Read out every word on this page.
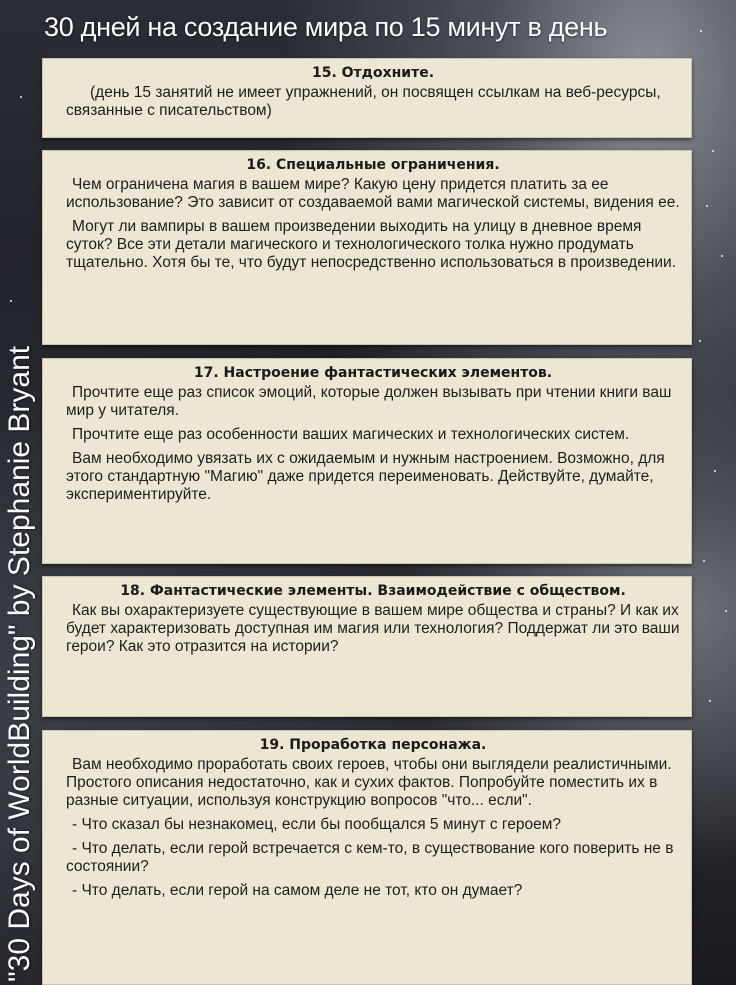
30 дней на создание мира по 15 минут в день
"30 Days of WorldBuilding" by Stephanie Bryant
15. Отдохните.

(день 15 занятий не имеет упражнений, он посвящен ссылкам на веб-ресурсы, связанные с писательством)

16. Специальные ограничения.

Чем ограничена магия в вашем мире? Какую цену придется платить за ее использование? Это зависит от создаваемой вами магической системы, видения ее.

Могут ли вампиры в вашем произведении выходить на улицу в дневное время суток? Все эти детали магического и технологического толка нужно продумать тщательно. Хотя бы те, что будут непосредственно использоваться в произведении.

17. Настроение фантастических элементов.

Прочтите еще раз список эмоций, которые должен вызывать при чтении книги ваш мир у читателя.

Прочтите еще раз особенности ваших магических и технологических систем.

Вам необходимо увязать их с ожидаемым и нужным настроением. Возможно, для этого стандартную "Магию" даже придется переименовать. Действуйте, думайте, экспериментируйте.

18. Фантастические элементы. Взаимодействие с обществом.

Как вы охарактеризуете существующие в вашем мире общества и страны? И как их будет характеризовать доступная им магия или технология? Поддержат ли это ваши герои? Как это отразится на истории?

19. Проработка персонажа.

Вам необходимо проработать своих героев, чтобы они выглядели реалистичными. Простого описания недостаточно, как и сухих фактов. Попробуйте поместить их в разные ситуации, используя конструкцию вопросов "что... если".

- Что сказал бы незнакомец, если бы пообщался 5 минут с героем?

- Что делать, если герой встречается с кем-то, в существование кого поверить не в состоянии?

- Что делать, если герой на самом деле не тот, кто он думает?
